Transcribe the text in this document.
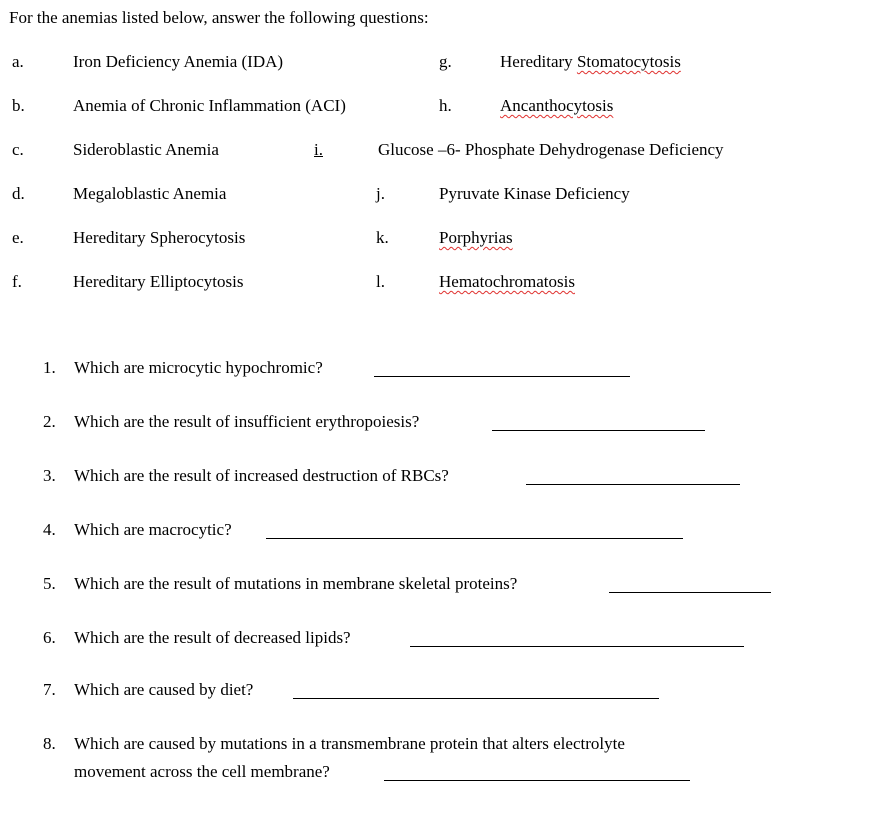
For the anemias listed below, answer the following questions:
a.	Iron Deficiency Anemia (IDA)
b.	Anemia of Chronic Inflammation (ACI)
c.	Sideroblastic Anemia
d.	Megaloblastic Anemia
e.	Hereditary Spherocytosis
f.	Hereditary Elliptocytosis
g.	Hereditary Stomatocytosis
h.	Ancanthocytosis
i.	Glucose –6- Phosphate Dehydrogenase Deficiency
j.	Pyruvate Kinase Deficiency
k.	Porphyrias
l.	Hematochromatosis
1. Which are microcytic hypochromic?
2. Which are the result of insufficient erythropoiesis?
3. Which are the result of increased destruction of RBCs?
4. Which are macrocytic?
5. Which are the result of mutations in membrane skeletal proteins?
6. Which are the result of decreased lipids?
7. Which are caused by diet?
8. Which are caused by mutations in a transmembrane protein that alters electrolyte
movement across the cell membrane?
